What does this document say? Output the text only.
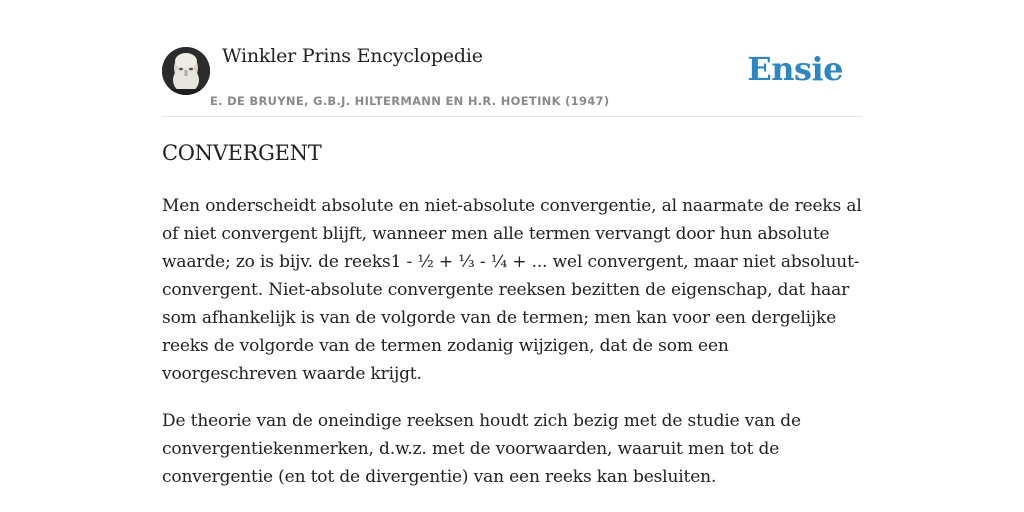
Winkler Prins Encyclopedie
E. DE BRUYNE, G.B.J. HILTERMANN EN H.R. HOETINK (1947)
Ensie
CONVERGENT

Men onderscheidt absolute en niet-absolute convergentie, al naarmate de reeks al of niet convergent blijft, wanneer men alle termen vervangt door hun absolute waarde; zo is bijv. de reeks1 - ½ + ⅓ - ¼ + ... wel convergent, maar niet absoluut-convergent. Niet-absolute convergente reeksen bezitten de eigenschap, dat haar som afhankelijk is van de volgorde van de termen; men kan voor een dergelijke reeks de volgorde van de termen zodanig wijzigen, dat de som een voorgeschreven waarde krijgt.

De theorie van de oneindige reeksen houdt zich bezig met de studie van de convergentiekenmerken, d.w.z. met de voorwaarden, waaruit men tot de convergentie (en tot de divergentie) van een reeks kan besluiten.
